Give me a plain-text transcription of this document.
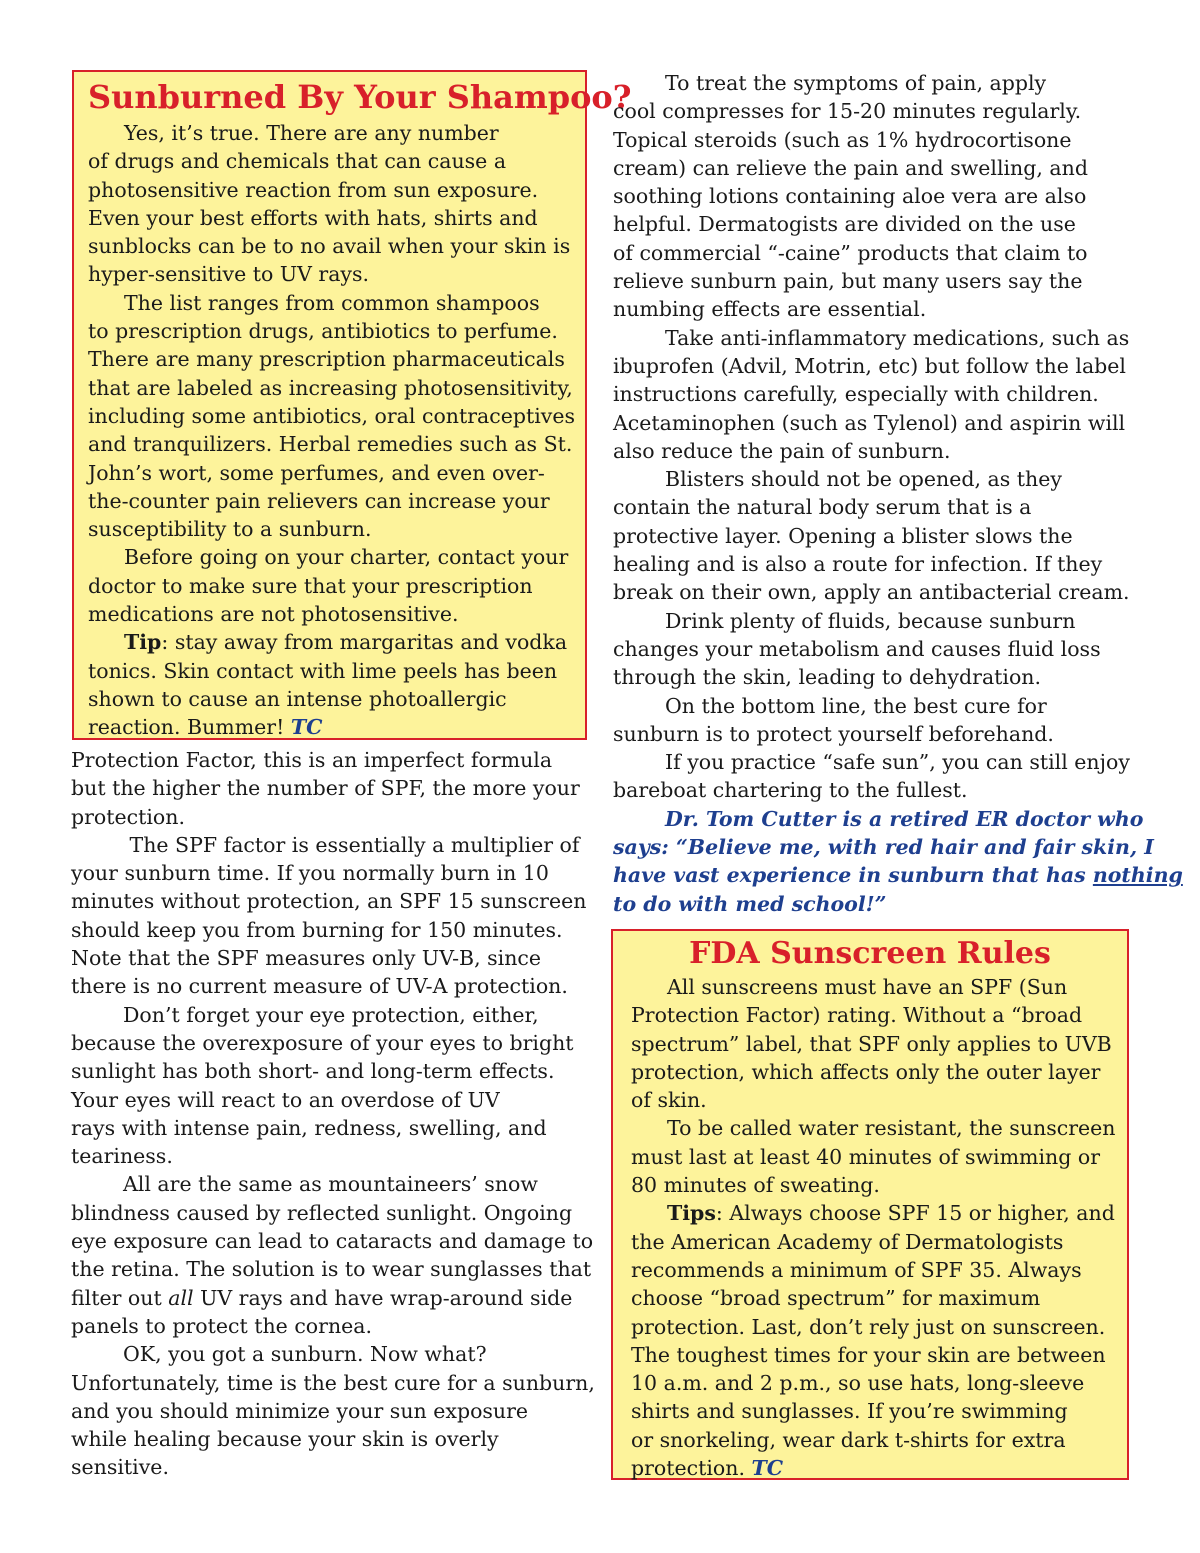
Sunburned By Your Shampoo?

Yes, it’s true. There are any number

of drugs and chemicals that can cause a

photosensitive reaction from sun exposure.

Even your best efforts with hats, shirts and

sunblocks can be to no avail when your skin is

hyper-sensitive to UV rays.

The list ranges from common shampoos

to prescription drugs, antibiotics to perfume.

There are many prescription pharmaceuticals

that are labeled as increasing photosensitivity,

including some antibiotics, oral contraceptives

and tranquilizers. Herbal remedies such as St.

John’s wort, some perfumes, and even over-

the-counter pain relievers can increase your

susceptibility to a sunburn.

Before going on your charter, contact your

doctor to make sure that your prescription

medications are not photosensitive.

Tip: stay away from margaritas and vodka

tonics. Skin contact with lime peels has been

shown to cause an intense photoallergic

reaction. Bummer! TC

Protection Factor, this is an imperfect formula

but the higher the number of SPF, the more your

protection.

The SPF factor is essentially a multiplier of

your sunburn time. If you normally burn in 10

minutes without protection, an SPF 15 sunscreen

should keep you from burning for 150 minutes.

Note that the SPF measures only UV-B, since

there is no current measure of UV-A protection.

Don’t forget your eye protection, either,

because the overexposure of your eyes to bright

sunlight has both short- and long-term effects.

Your eyes will react to an overdose of UV

rays with intense pain, redness, swelling, and

teariness.

All are the same as mountaineers’ snow

blindness caused by reflected sunlight. Ongoing

eye exposure can lead to cataracts and damage to

the retina. The solution is to wear sunglasses that

filter out all UV rays and have wrap-around side

panels to protect the cornea.

OK, you got a sunburn. Now what?

Unfortunately, time is the best cure for a sunburn,

and you should minimize your sun exposure

while healing because your skin is overly

sensitive.

To treat the symptoms of pain, apply

cool compresses for 15-20 minutes regularly.

Topical steroids (such as 1% hydrocortisone

cream) can relieve the pain and swelling, and

soothing lotions containing aloe vera are also

helpful. Dermatogists are divided on the use

of commercial “-caine” products that claim to

relieve sunburn pain, but many users say the

numbing effects are essential.

Take anti-inflammatory medications, such as

ibuprofen (Advil, Motrin, etc) but follow the label

instructions carefully, especially with children.

Acetaminophen (such as Tylenol) and aspirin will

also reduce the pain of sunburn.

Blisters should not be opened, as they

contain the natural body serum that is a

protective layer. Opening a blister slows the

healing and is also a route for infection. If they

break on their own, apply an antibacterial cream.

Drink plenty of fluids, because sunburn

changes your metabolism and causes fluid loss

through the skin, leading to dehydration.

On the bottom line, the best cure for

sunburn is to protect yourself beforehand.

If you practice “safe sun”, you can still enjoy

bareboat chartering to the fullest.

Dr. Tom Cutter is a retired ER doctor who

says: “Believe me, with red hair and fair skin, I

have vast experience in sunburn that has nothing

to do with med school!”

FDA Sunscreen Rules

All sunscreens must have an SPF (Sun

Protection Factor) rating. Without a “broad

spectrum” label, that SPF only applies to UVB

protection, which affects only the outer layer

of skin.

To be called water resistant, the sunscreen

must last at least 40 minutes of swimming or

80 minutes of sweating.

Tips: Always choose SPF 15 or higher, and

the American Academy of Dermatologists

recommends a minimum of SPF 35. Always

choose “broad spectrum” for maximum

protection. Last, don’t rely just on sunscreen.

The toughest times for your skin are between

10 a.m. and 2 p.m., so use hats, long-sleeve

shirts and sunglasses. If you’re swimming

or snorkeling, wear dark t-shirts for extra

protection. TC
